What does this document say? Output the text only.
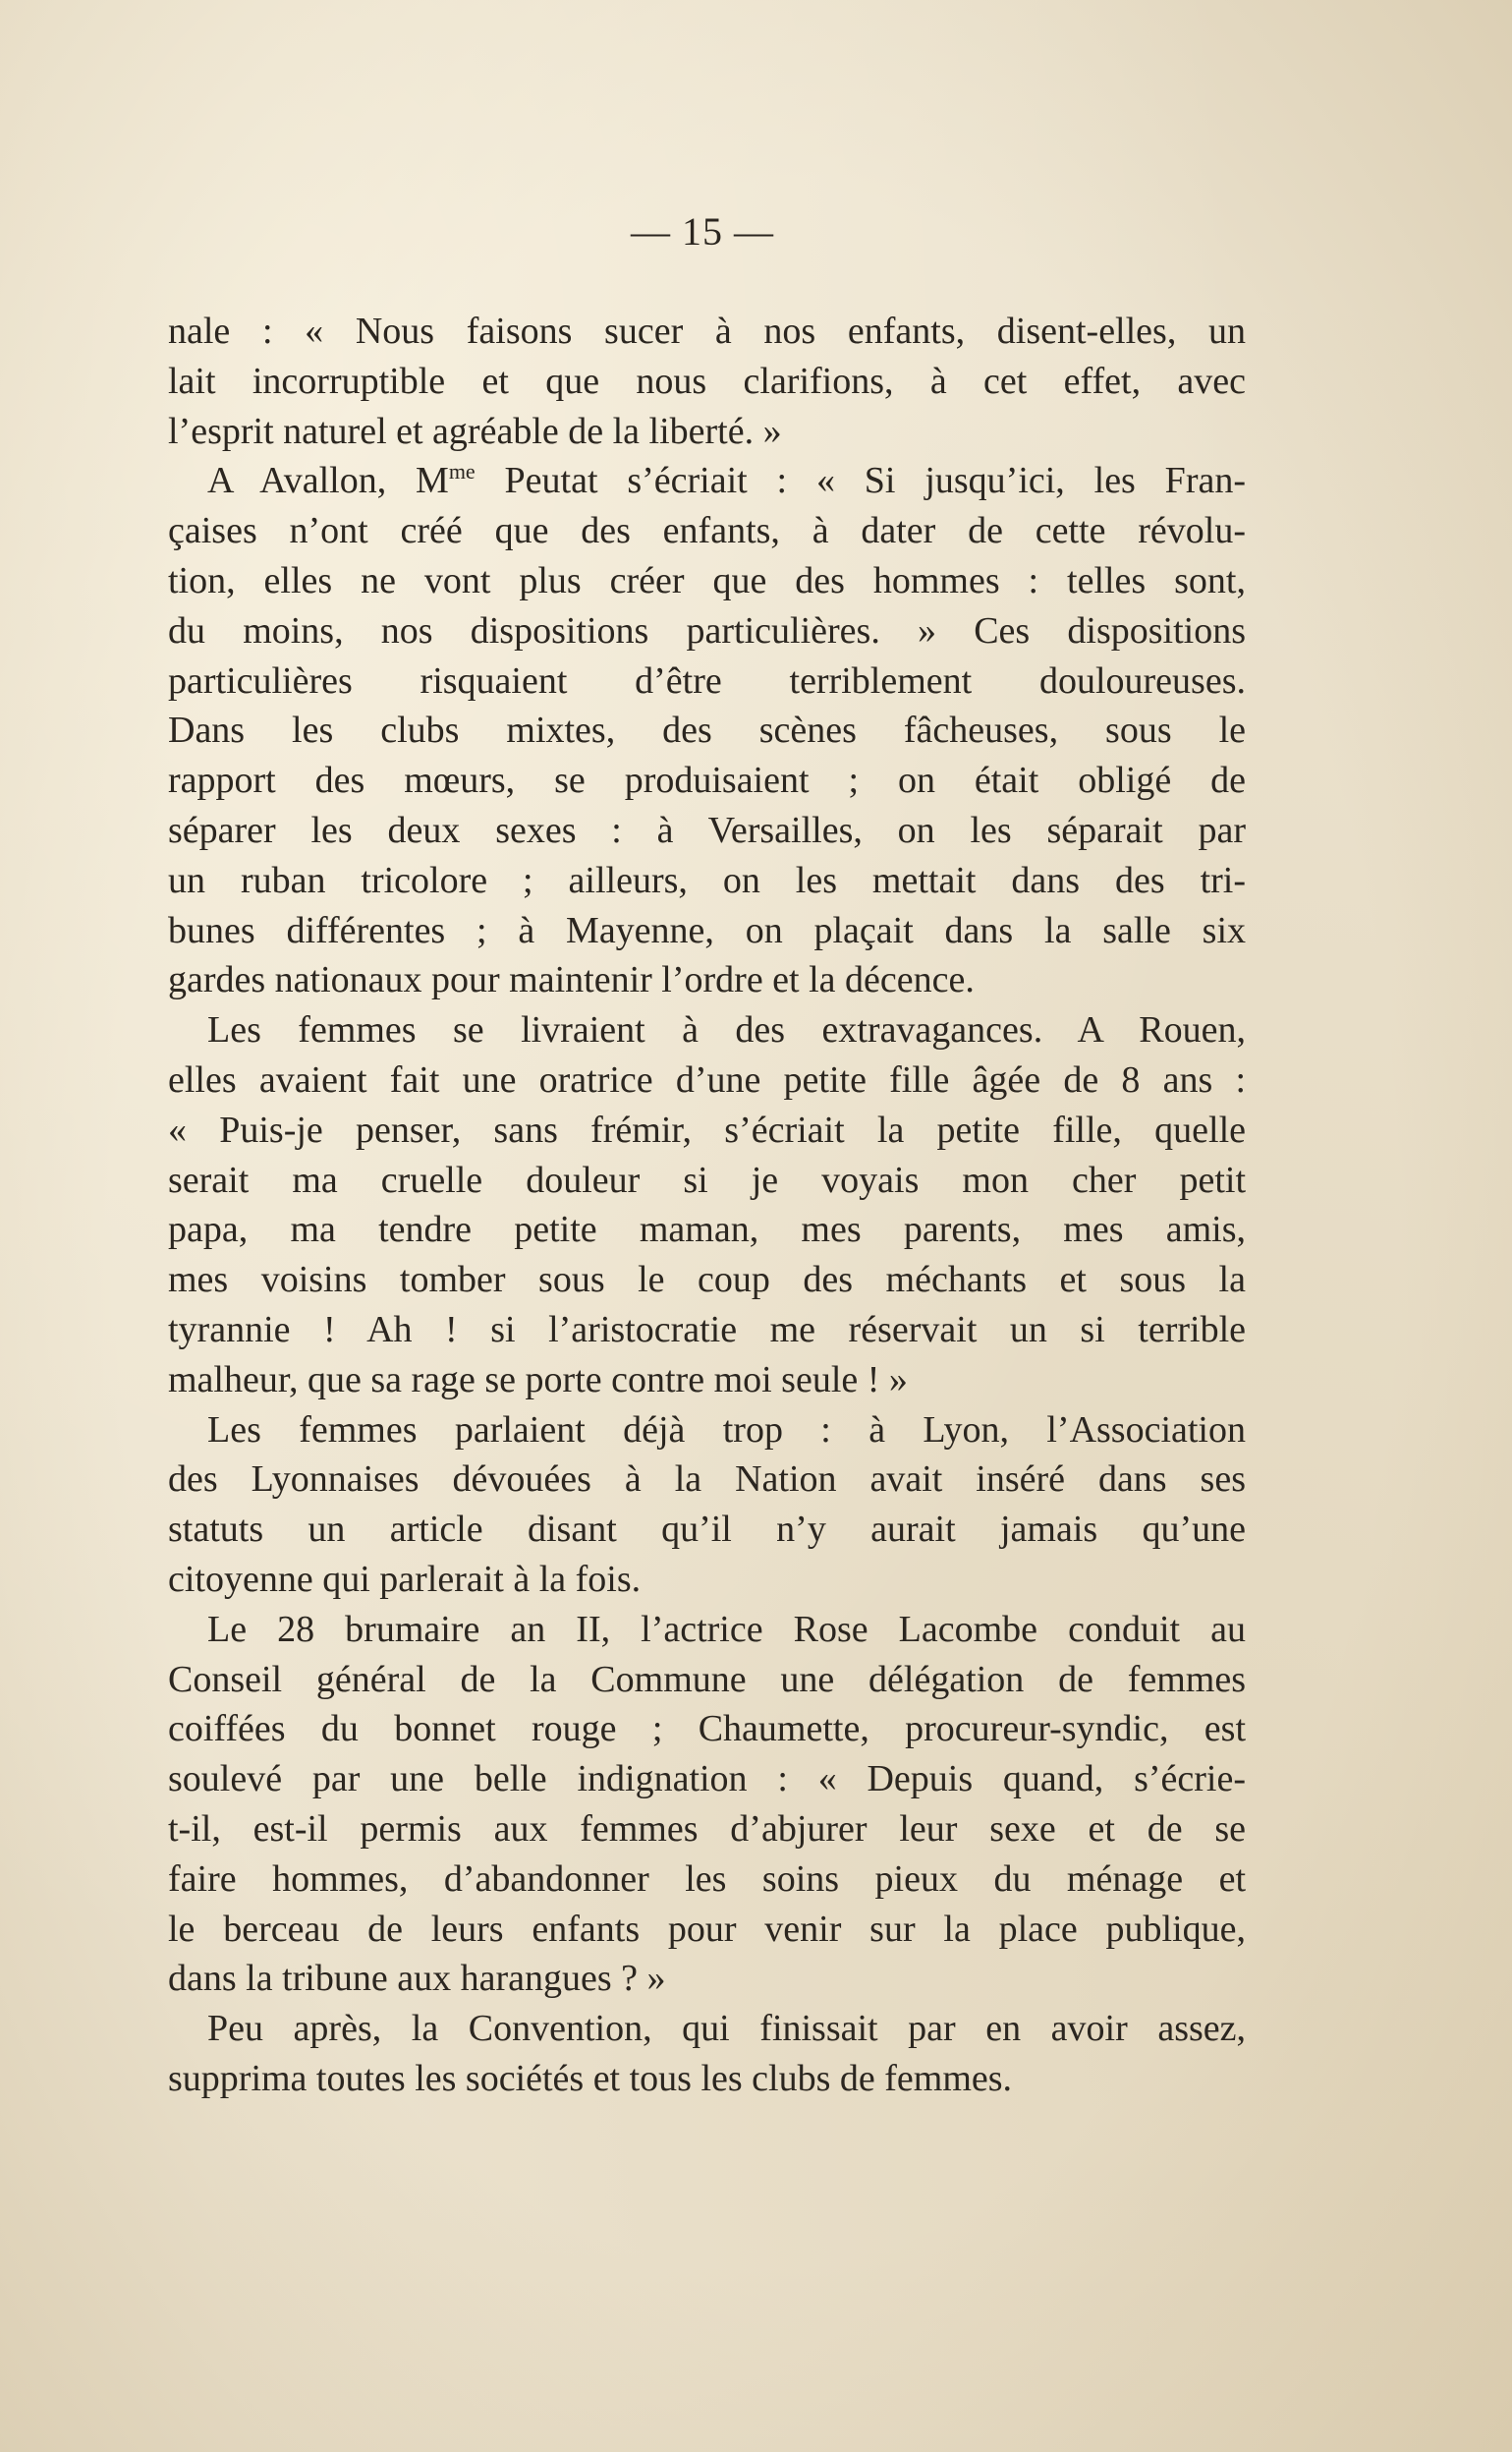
— 15 —
nale : « Nous faisons sucer à nos enfants, disent-elles, un
lait incorruptible et que nous clarifions, à cet effet, avec
l’esprit naturel et agréable de la liberté. »
A Avallon, $M^{me}$ Peutat s’écriait : « Si jusqu’ici, les Fran-
çaises n’ont créé que des enfants, à dater de cette révolu-
tion, elles ne vont plus créer que des hommes : telles sont,
du moins, nos dispositions particulières. » Ces dispositions
particulières risquaient d’être terriblement douloureuses.
Dans les clubs mixtes, des scènes fâcheuses, sous le
rapport des mœurs, se produisaient ; on était obligé de
séparer les deux sexes : à Versailles, on les séparait par
un ruban tricolore ; ailleurs, on les mettait dans des tri-
bunes différentes ; à Mayenne, on plaçait dans la salle six
gardes nationaux pour maintenir l’ordre et la décence.
Les femmes se livraient à des extravagances. A Rouen,
elles avaient fait une oratrice d’une petite fille âgée de 8 ans :
« Puis-je penser, sans frémir, s’écriait la petite fille, quelle
serait ma cruelle douleur si je voyais mon cher petit
papa, ma tendre petite maman, mes parents, mes amis,
mes voisins tomber sous le coup des méchants et sous la
tyrannie ! Ah ! si l’aristocratie me réservait un si terrible
malheur, que sa rage se porte contre moi seule ! »
Les femmes parlaient déjà trop : à Lyon, l’Association
des Lyonnaises dévouées à la Nation avait inséré dans ses
statuts un article disant qu’il n’y aurait jamais qu’une
citoyenne qui parlerait à la fois.
Le 28 brumaire an II, l’actrice Rose Lacombe conduit au
Conseil général de la Commune une délégation de femmes
coiffées du bonnet rouge ; Chaumette, procureur-syndic, est
soulevé par une belle indignation : « Depuis quand, s’écrie-
t-il, est-il permis aux femmes d’abjurer leur sexe et de se
faire hommes, d’abandonner les soins pieux du ménage et
le berceau de leurs enfants pour venir sur la place publique,
dans la tribune aux harangues ? »
Peu après, la Convention, qui finissait par en avoir assez,
supprima toutes les sociétés et tous les clubs de femmes.
